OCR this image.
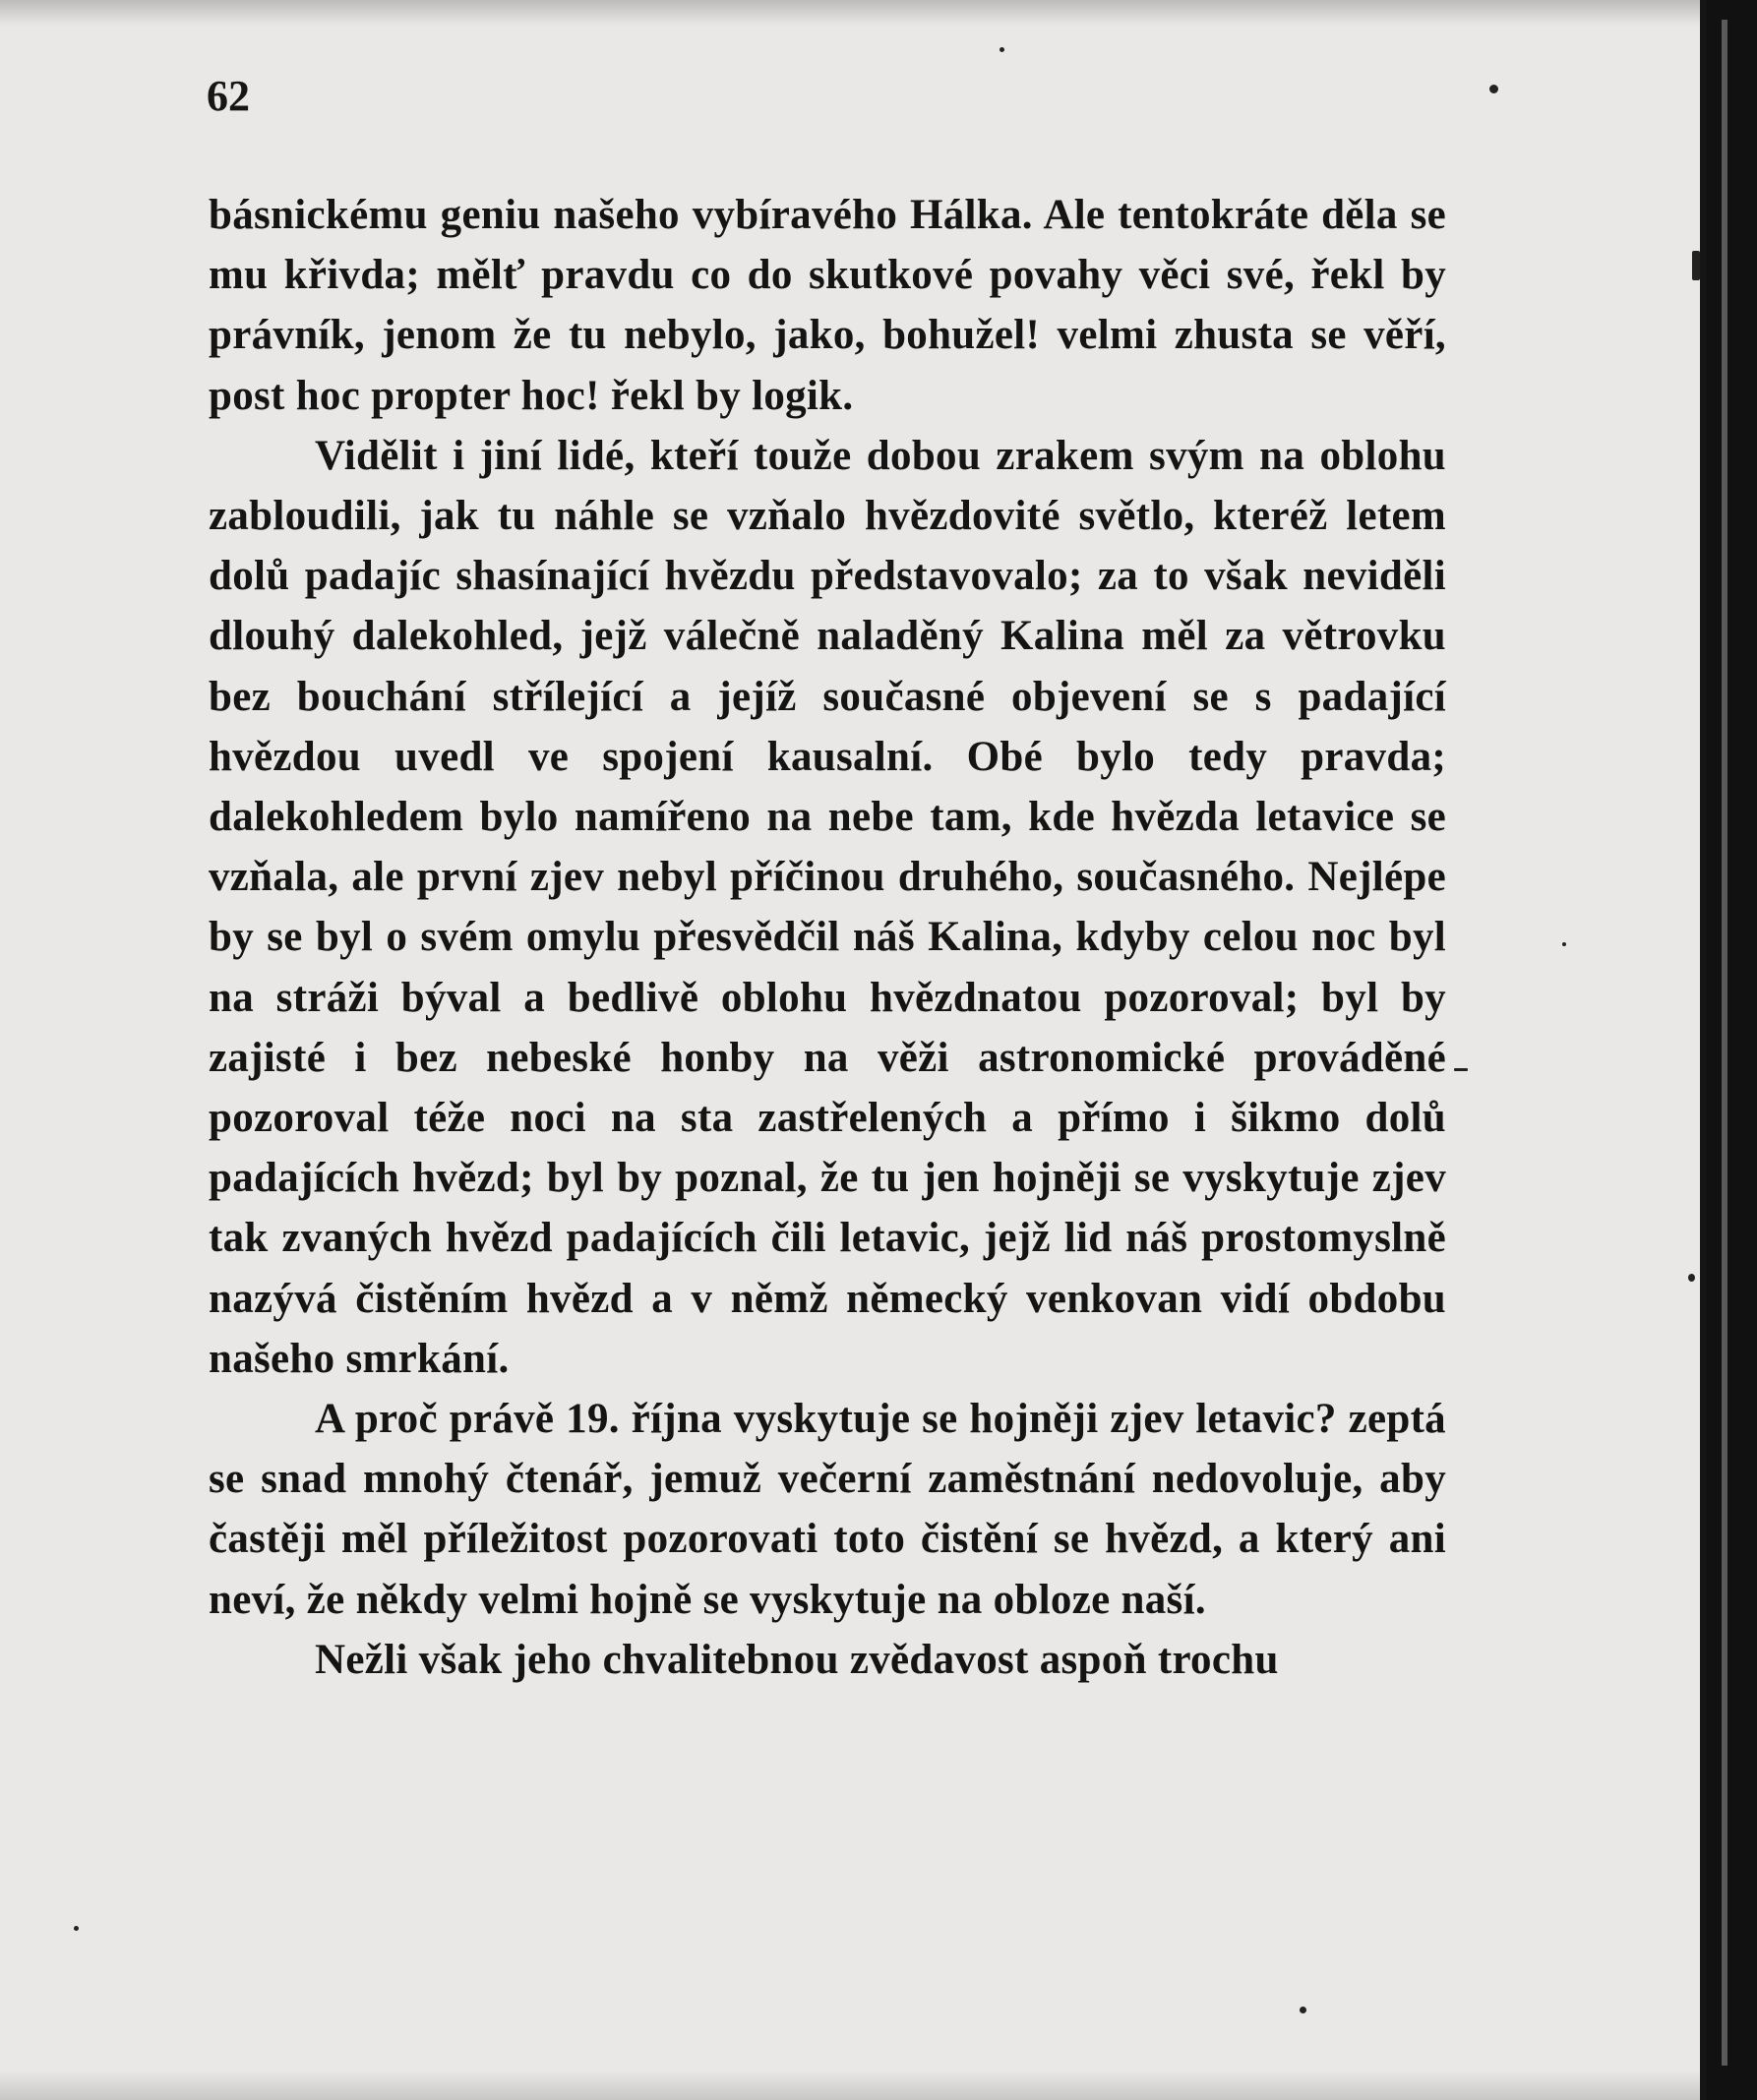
62

básnickému geniu našeho vybíravého Hálka. Ale tentokráte děla se mu křivda; mělť pravdu co do skutkové povahy věci své, řekl by právník, jenom že tu nebylo, jako, bohužel! velmi zhusta se věří, post hoc propter hoc! řekl by logik.

Vidělit i jiní lidé, kteří touže dobou zrakem svým na oblohu zabloudili, jak tu náhle se vzňalo hvězdovité světlo, kteréž letem dolů padajíc shasínající hvězdu představovalo; za to však neviděli dlouhý dalekohled, jejž válečně naladěný Kalina měl za větrovku bez bouchání střílející a jejíž současné objevení se s padající hvězdou uvedl ve spojení kausalní. Obé bylo tedy pravda; dalekohledem bylo namířeno na nebe tam, kde hvězda letavice se vzňala, ale první zjev nebyl příčinou druhého, současného. Nejlépe by se byl o svém omylu přesvědčil náš Kalina, kdyby celou noc byl na stráži býval a bedlivě oblohu hvězdnatou pozoroval; byl by zajisté i bez nebeské honby na věži astronomické prováděné pozoroval téže noci na sta zastřelených a přímo i šikmo dolů padajících hvězd; byl by poznal, že tu jen hojněji se vyskytuje zjev tak zvaných hvězd padajících čili letavic, jejž lid náš prostomyslně nazývá čistěním hvězd a v němž německý venkovan vidí obdobu našeho smrkání.

A proč právě 19. října vyskytuje se hojněji zjev letavic? zeptá se snad mnohý čtenář, jemuž večerní zaměstnání nedovoluje, aby častěji měl příležitost pozorovati toto čistění se hvězd, a který ani neví, že někdy velmi hojně se vyskytuje na obloze naší.

Nežli však jeho chvalitebnou zvědavost aspoň trochu
